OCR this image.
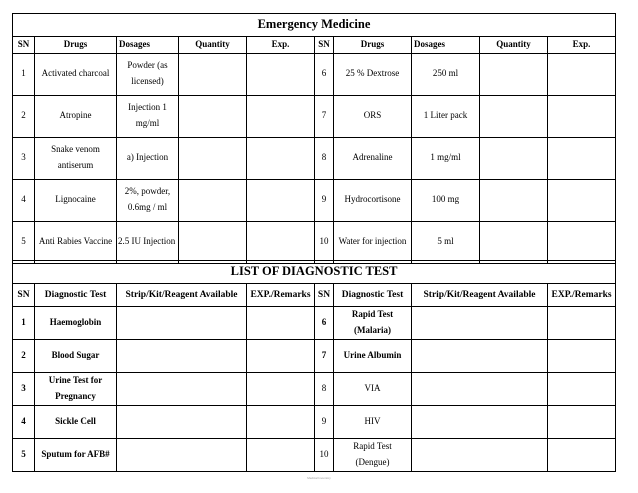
Emergency Medicine									
SN	Drugs	Dosages	Quantity	Exp.	SN	Drugs	Dosages	Quantity	Exp.
1	Activated charcoal	Powder (as licensed)			6	25 % Dextrose	250 ml		
2	Atropine	Injection 1 mg/ml			7	ORS	1 Liter pack		
3	Snake venom antiserum	a) Injection			8	Adrenaline	1 mg/ml		
4	Lignocaine	2%, powder, 0.6mg / ml			9	Hydrocortisone	100 mg		
5	Anti Rabies Vaccine	2.5 IU Injection			10	Water for injection	5 ml		
LIST OF DIAGNOSTIC TEST							
SN	Diagnostic Test	Strip/Kit/Reagent Available	EXP./Remarks	SN	Diagnostic Test	Strip/Kit/Reagent Available	EXP./Remarks
1	Haemoglobin			6	Rapid Test (Malaria)		
2	Blood Sugar			7	Urine Albumin		
3	Urine Test for Pregnancy			8	VIA		
4	Sickle Cell			9	HIV		
5	Sputum for AFB#			10	Rapid Test (Dengue)		
Medical Inventory
